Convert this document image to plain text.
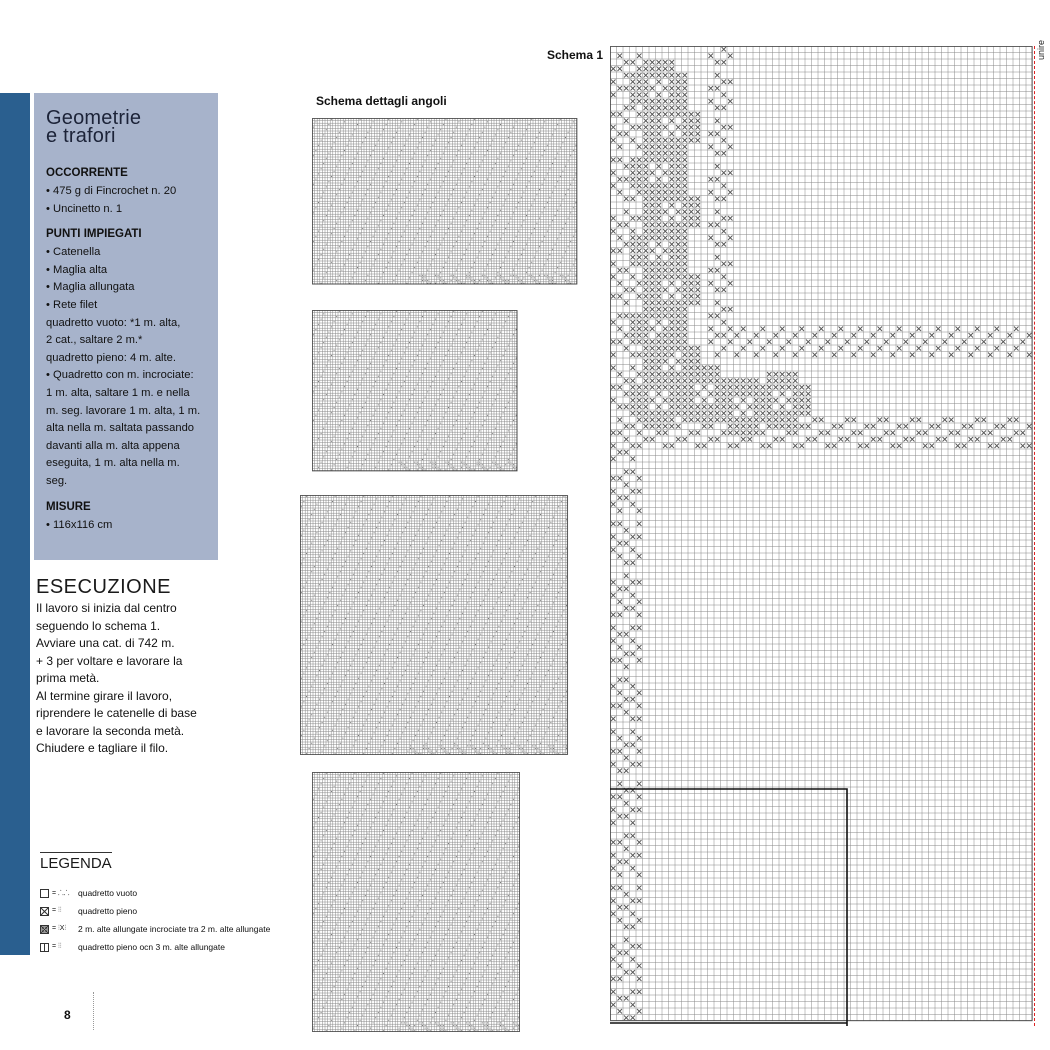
Geometrie
e trafori
OCCORRENTE

• 475 g di Fincrochet n. 20

• Uncinetto n. 1

PUNTI IMPIEGATI

• Catenella

• Maglia alta

• Maglia allungata

• Rete filet

quadretto vuoto: *1 m. alta,

2 cat., saltare 2 m.*

quadretto pieno: 4 m. alte.

• Quadretto con m. incrociate:

1 m. alta, saltare 1 m. e nella

m. seg. lavorare 1 m. alta, 1 m.

alta nella m. saltata passando

davanti alla m. alta appena

eseguita, 1 m. alta nella m.

seg.

MISURE

• 116x116 cm

ESECUZIONE

Il lavoro si inizia dal centro

seguendo lo schema 1.

Avviare una cat. di 742 m.

+ 3 per voltare e lavorare la

prima metà.

Al termine girare il lavoro,

riprendere le catenelle di base

e lavorare la seconda metà.

Chiudere e tagliare il filo.

LEGENDA
= ⸫⸫ quadretto vuoto
= ⫶⫶ quadretto pieno
= ⫶X⫶ 2 m. alte allungate incrociate tra 2 m. alte allungate
= ⫶⫶ quadretto pieno ocn 3 m. alte allungate
8
Schema dettagli angoli
Schema 1	unire
